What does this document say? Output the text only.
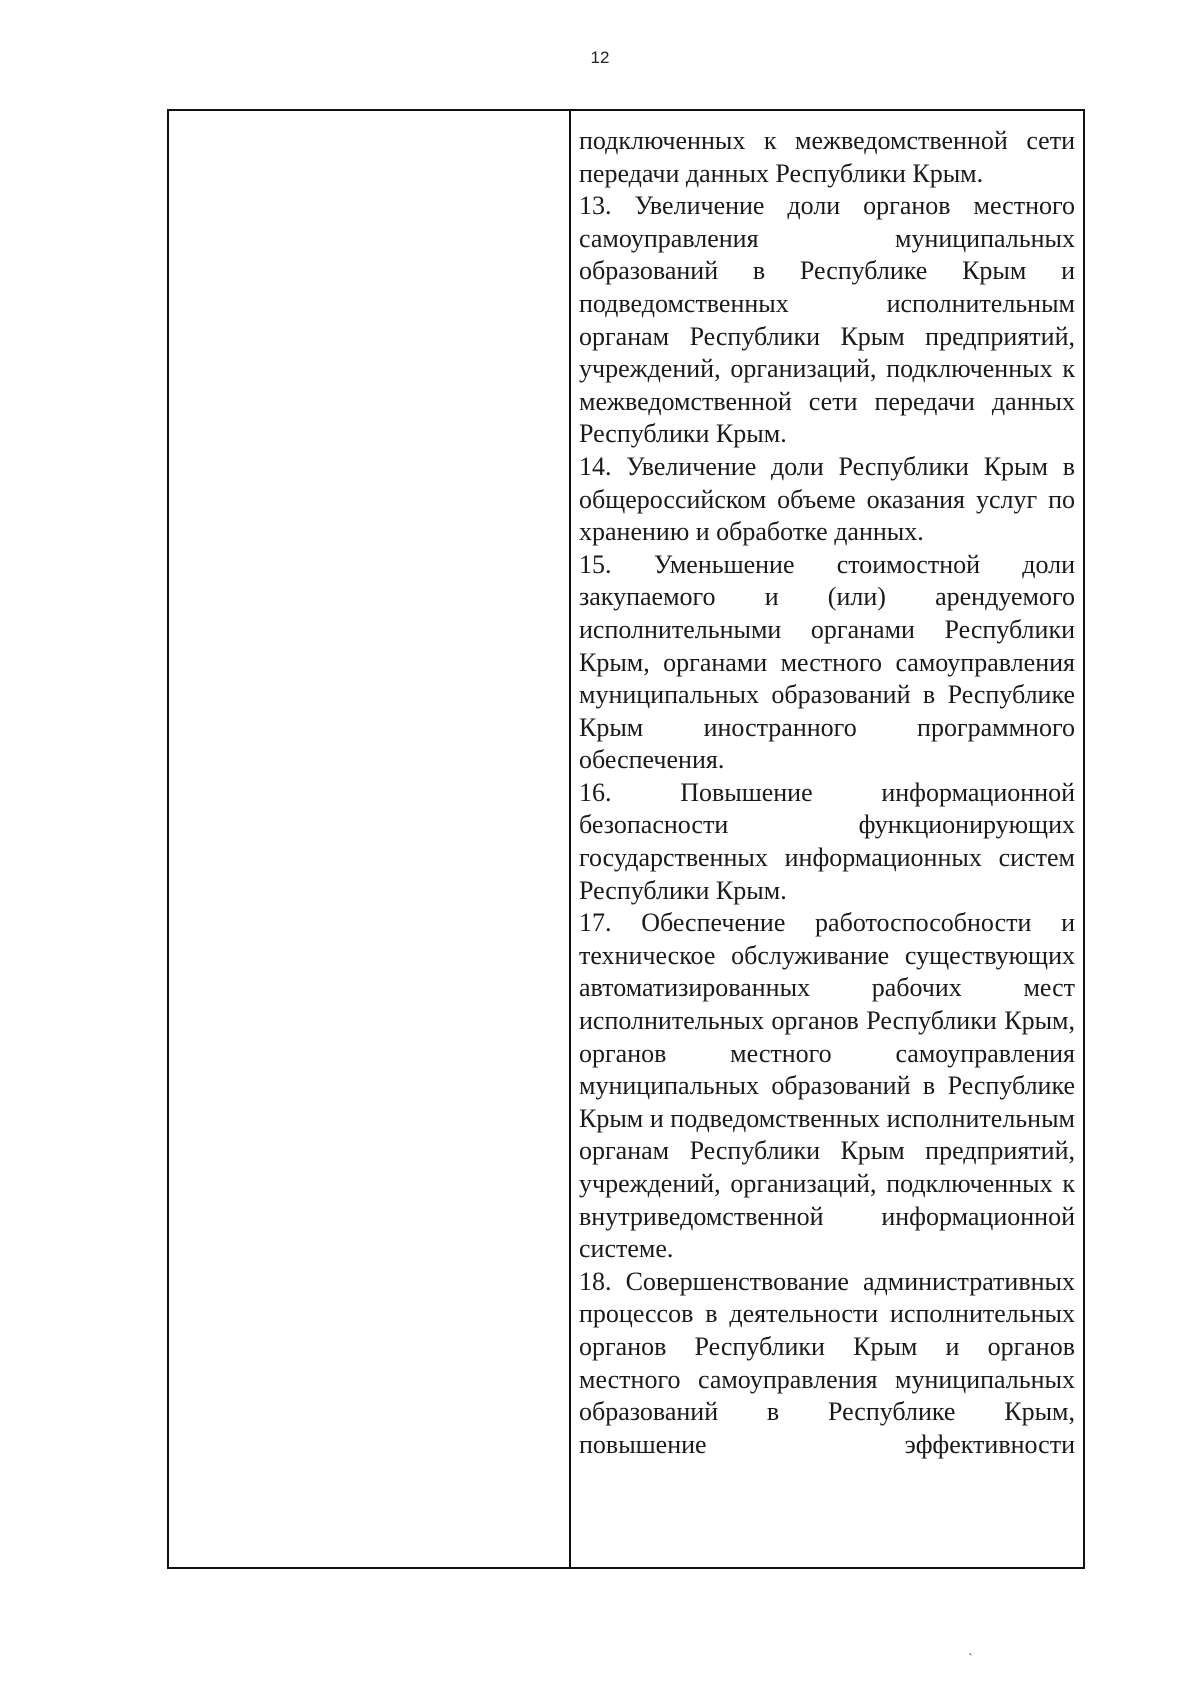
12

подключенных к межведомственной сети передачи данных Республики Крым.

13. Увеличение доли органов местного самоуправления муниципальных образований в Республике Крым и подведомственных исполнительным органам Республики Крым предприятий, учреждений, организаций, подключенных к межведомственной сети передачи данных Республики Крым.

14. Увеличение доли Республики Крым в общероссийском объеме оказания услуг по хранению и обработке данных.

15. Уменьшение стоимостной доли закупаемого и (или) арендуемого исполнительными органами Республики Крым, органами местного самоуправления муниципальных образований в Республике Крым иностранного программного обеспечения.

16. Повышение информационной безопасности функционирующих государственных информационных систем Республики Крым.

17. Обеспечение работоспособности и техническое обслуживание существующих автоматизированных рабочих мест исполнительных органов Республики Крым, органов местного самоуправления муниципальных образований в Республике Крым и подведомственных исполнительным органам Республики Крым предприятий, учреждений, организаций, подключенных к внутриведомственной информационной системе.

18. Совершенствование административных процессов в деятельности исполнительных органов Республики Крым и органов местного самоуправления муниципальных образований в Республике Крым, повышение эффективности

`
